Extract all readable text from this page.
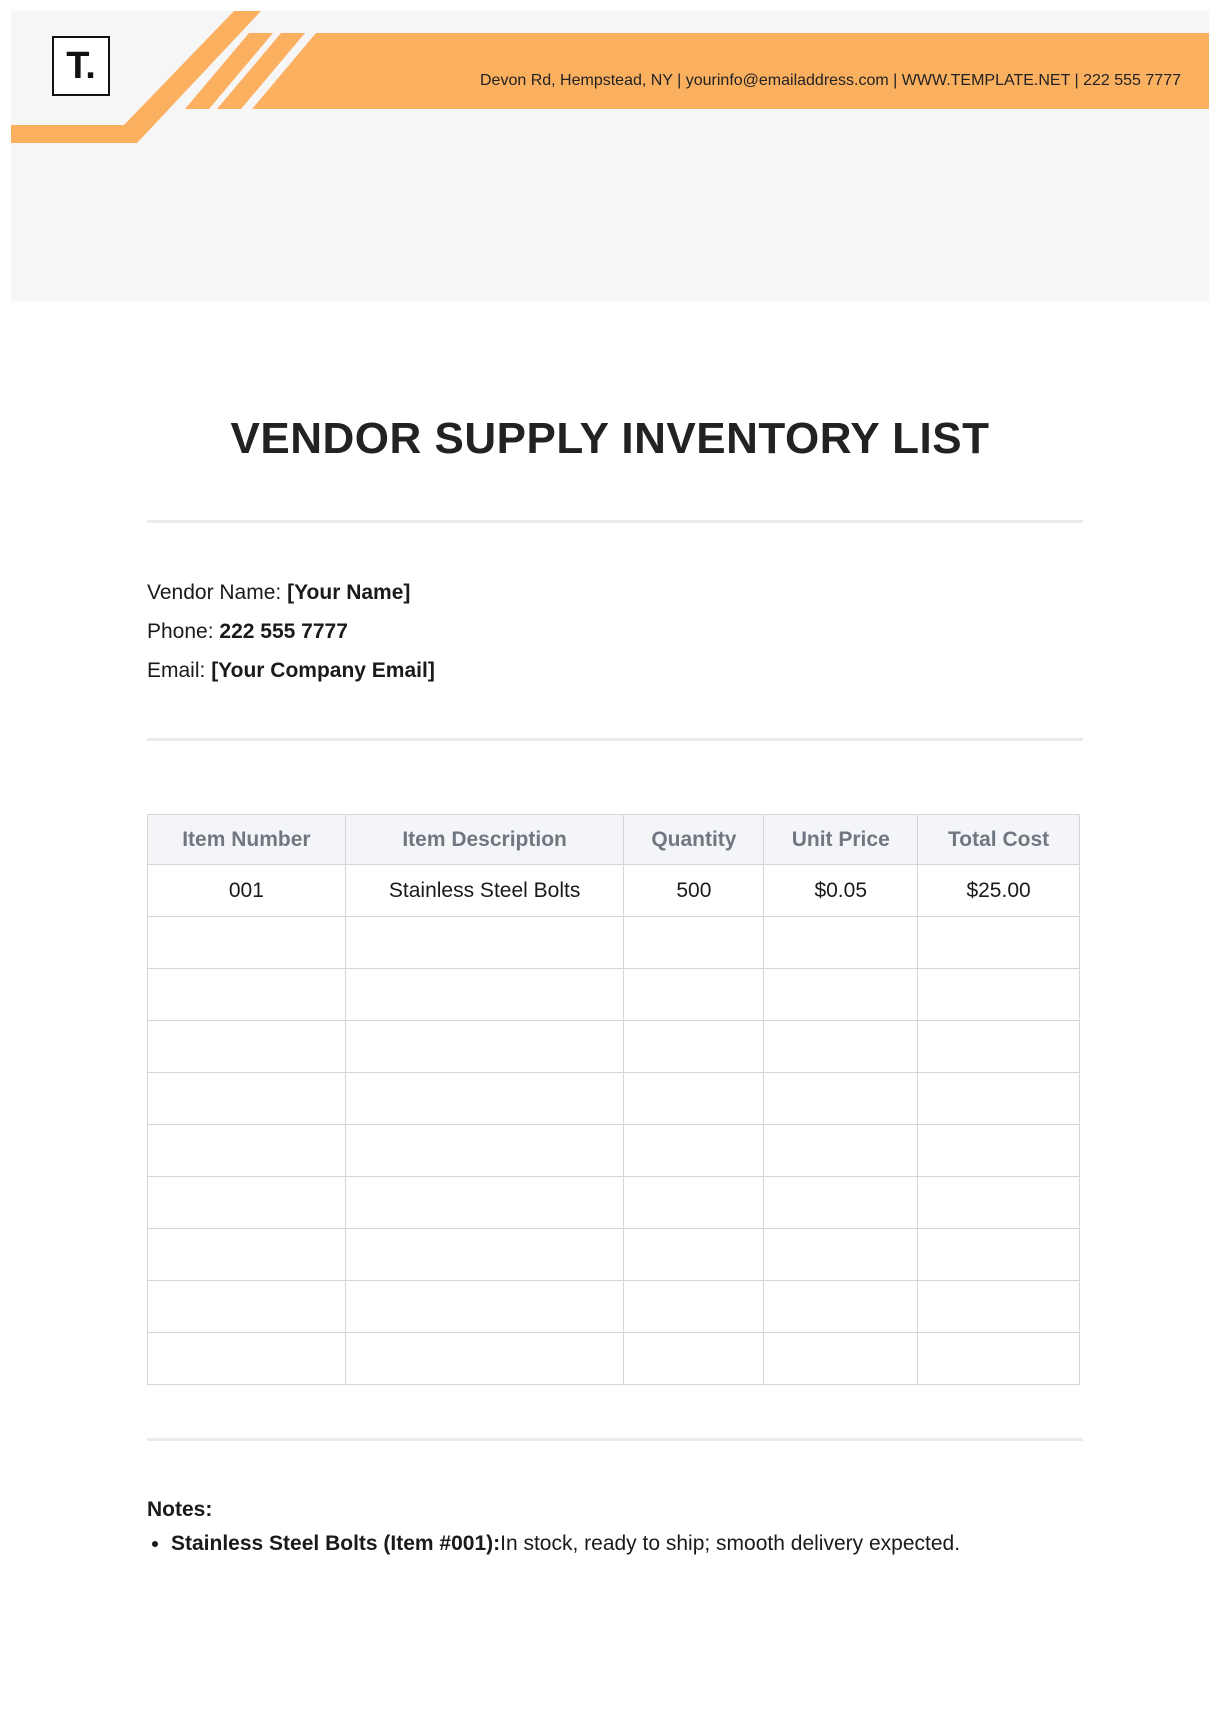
Devon Rd, Hempstead, NY | yourinfo@emailaddress.com | WWW.TEMPLATE.NET | 222 555 7777
T.
VENDOR SUPPLY INVENTORY LIST
Vendor Name: [Your Name]
Phone: 222 555 7777
Email: [Your Company Email]
Item Number	Item Description	Quantity	Unit Price	Total Cost
001	Stainless Steel Bolts	500	$0.05	$25.00

Notes:
• Stainless Steel Bolts (Item #001):In stock, ready to ship; smooth delivery expected.
